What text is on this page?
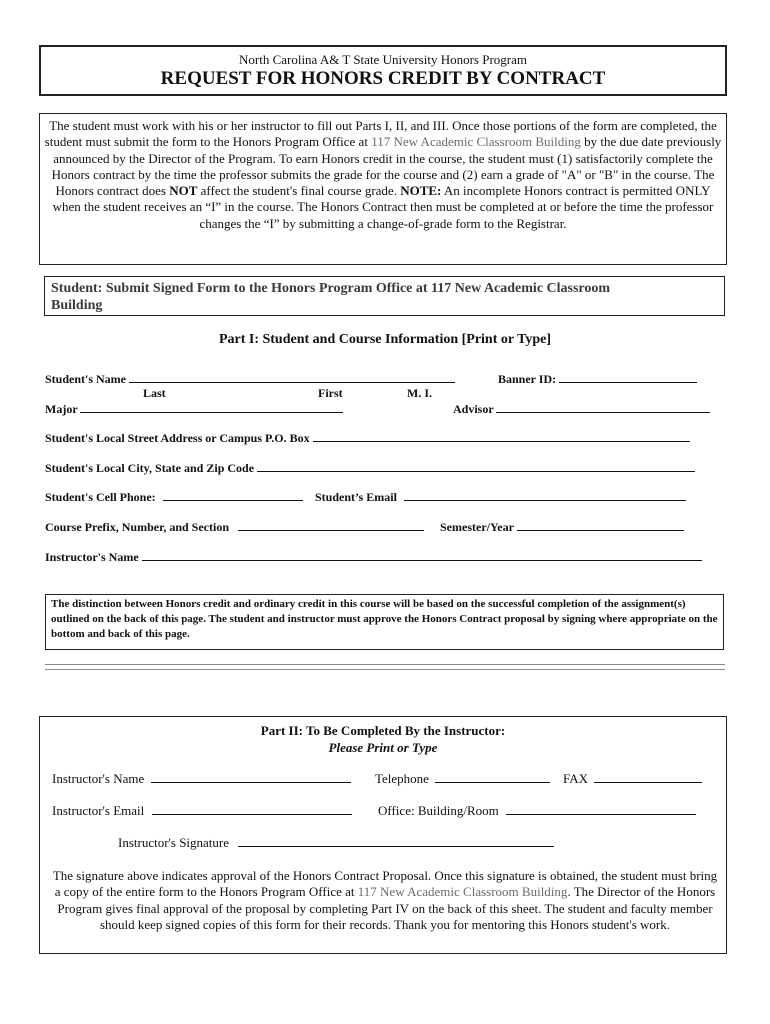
North Carolina A& T State University Honors Program
REQUEST FOR HONORS CREDIT BY CONTRACT
The student must work with his or her instructor to fill out Parts I, II, and III. Once those portions of the form are completed, the student must submit the form to the Honors Program Office at 117 New Academic Classroom Building by the due date previously announced by the Director of the Program. To earn Honors credit in the course, the student must (1) satisfactorily complete the Honors contract by the time the professor submits the grade for the course and (2) earn a grade of "A" or "B" in the course. The Honors contract does NOT affect the student's final course grade. NOTE: An incomplete Honors contract is permitted ONLY when the student receives an “I” in the course. The Honors Contract then must be completed at or before the time the professor changes the “I” by submitting a change-of-grade form to the Registrar.
Student: Submit Signed Form to the Honors Program Office at 117 New Academic Classroom Building
Part I: Student and Course Information [Print or Type]
Student's Name	Banner ID:
Last	First	M. I.
Major	Advisor
Student's Local Street Address or Campus P.O. Box
Student's Local City, State and Zip Code
Student's Cell Phone:	Student’s Email
Course Prefix, Number, and Section	Semester/Year
Instructor's Name
The distinction between Honors credit and ordinary credit in this course will be based on the successful completion of the assignment(s) outlined on the back of this page. The student and instructor must approve the Honors Contract proposal by signing where appropriate on the bottom and back of this page.
Part II: To Be Completed By the Instructor:
Please Print or Type
Instructor's Name	Telephone	FAX
Instructor's Email	Office: Building/Room
Instructor's Signature
The signature above indicates approval of the Honors Contract Proposal. Once this signature is obtained, the student must bring a copy of the entire form to the Honors Program Office at 117 New Academic Classroom Building. The Director of the Honors Program gives final approval of the proposal by completing Part IV on the back of this sheet. The student and faculty member should keep signed copies of this form for their records. Thank you for mentoring this Honors student's work.
